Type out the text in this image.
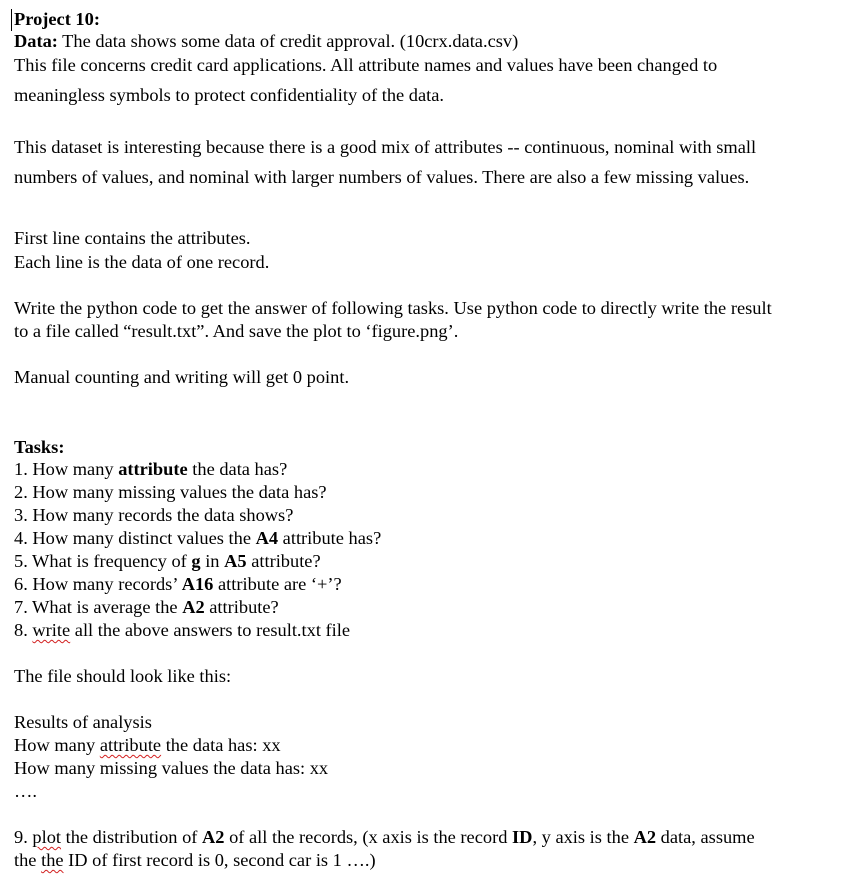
Project 10:
Data: The data shows some data of credit approval. (10crx.data.csv)
This file concerns credit card applications. All attribute names and values have been changed to
meaningless symbols to protect confidentiality of the data.
This dataset is interesting because there is a good mix of attributes -- continuous, nominal with small
numbers of values, and nominal with larger numbers of values. There are also a few missing values.
First line contains the attributes.
Each line is the data of one record.
Write the python code to get the answer of following tasks. Use python code to directly write the result
to a file called “result.txt”. And save the plot to ‘figure.png’.
Manual counting and writing will get 0 point.
Tasks:
1. How many attribute the data has?
2. How many missing values the data has?
3. How many records the data shows?
4. How many distinct values the A4 attribute has?
5. What is frequency of g in A5 attribute?
6. How many records’ A16 attribute are ‘+’?
7. What is average the A2 attribute?
8. write all the above answers to result.txt file
The file should look like this:
Results of analysis
How many attribute the data has: xx
How many missing values the data has: xx
….
9. plot the distribution of A2 of all the records, (x axis is the record ID, y axis is the A2 data, assume
the the ID of first record is 0, second car is 1 ….)
